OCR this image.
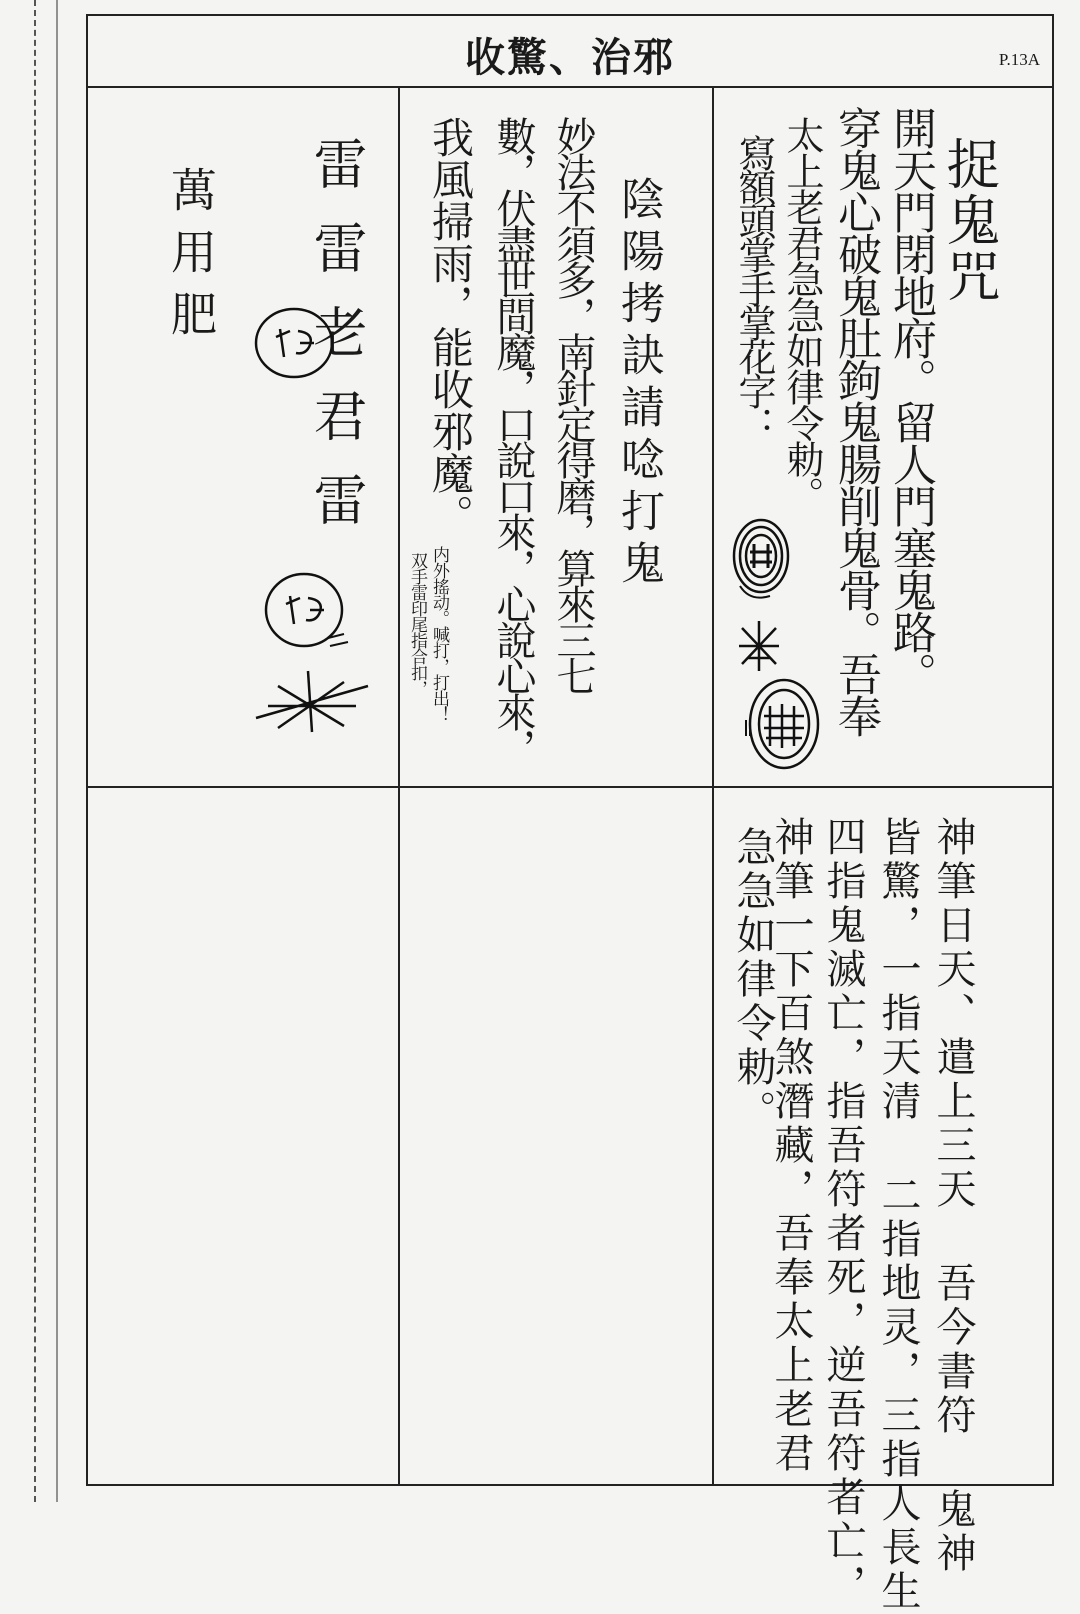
收驚、治邪	P.13A
捉鬼咒
開天門閉地府。留人門塞鬼路。
穿鬼心破鬼肚鉤鬼腸削鬼骨。吾奉
太上老君急急如律令勅。
寫額頭掌手掌花字：
陰陽拷訣請唸打鬼
妙法不須多，南針定得磨，算來三七
數，伏盡世間魔，口說口來，心說心來，
我風掃雨，能收邪魔。
内外搖动。喊打，打出！
双手雷印尾指合扣，
雷雷老君雷
萬用肥
神筆日天、遣上三天 吾今書符 鬼神
皆驚，一指天清 二指地灵，三指人長生
四指鬼滅亡，指吾符者死，逆吾符者亡，
神筆一下百煞潛藏，吾奉太上老君
急急如律令勅。
